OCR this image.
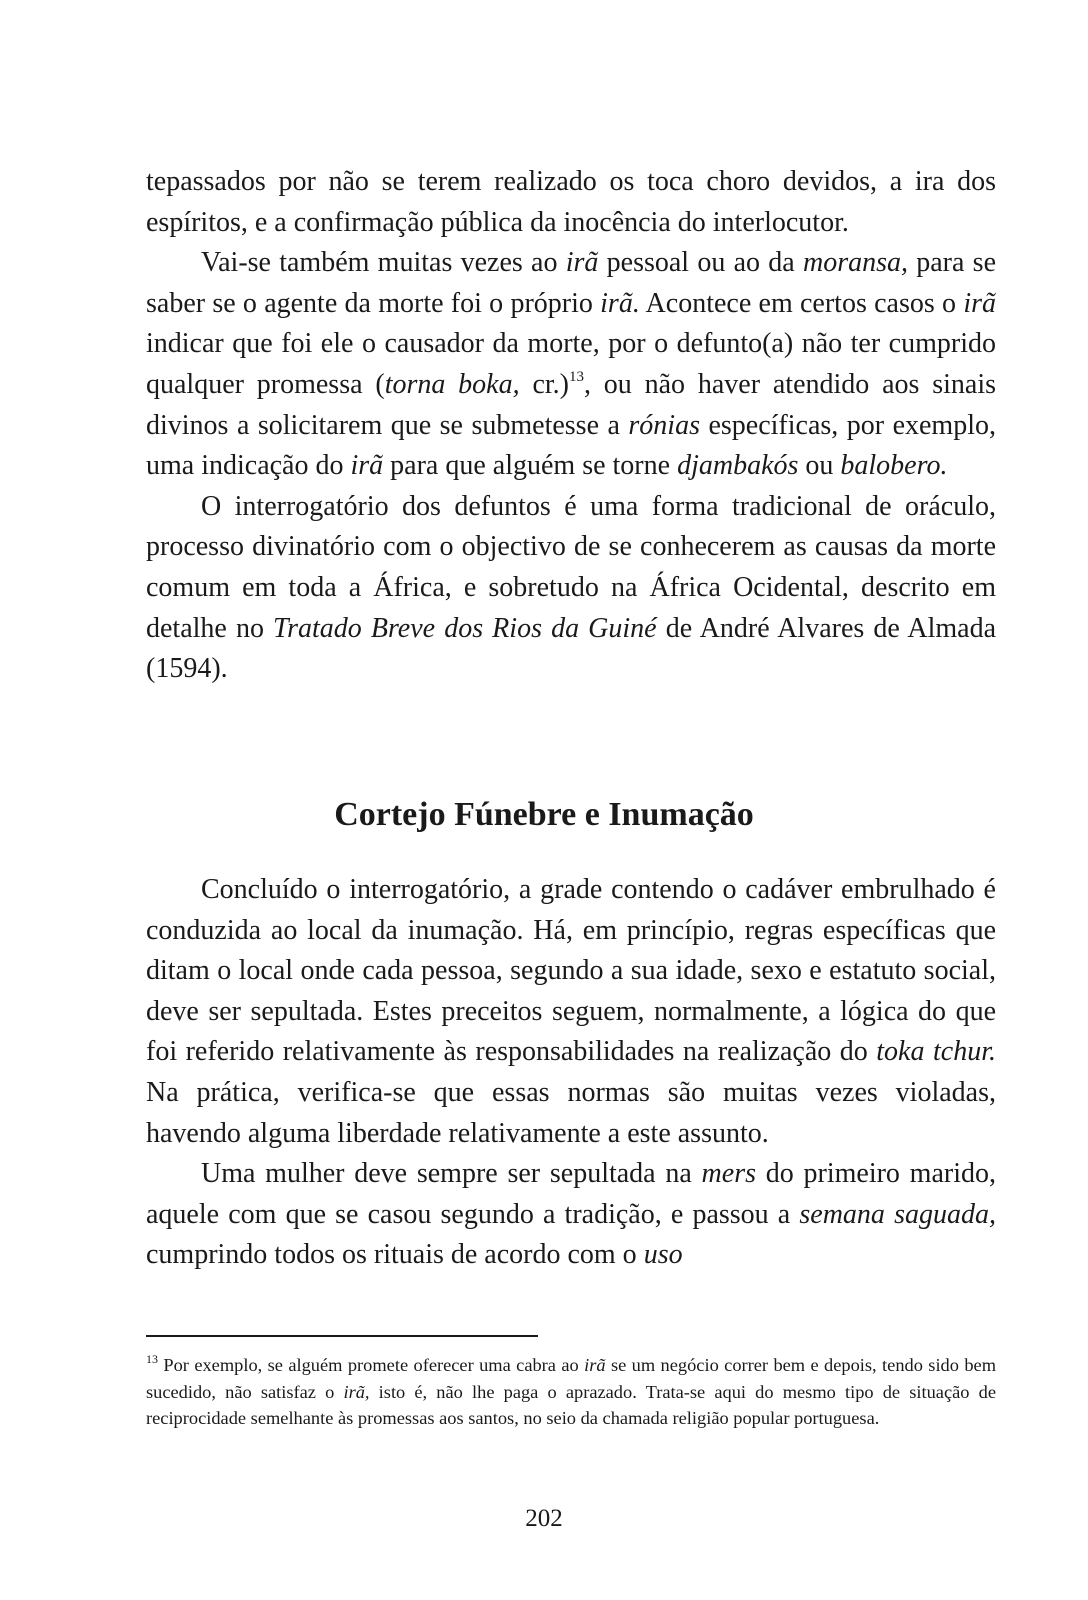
tepassados por não se terem realizado os toca choro devidos, a ira dos espíritos, e a confirmação pública da inocência do interlocutor.

Vai-se também muitas vezes ao irã pessoal ou ao da moransa, para se saber se o agente da morte foi o próprio irã. Acontece em certos casos o irã indicar que foi ele o causador da morte, por o defunto(a) não ter cumprido qualquer promessa (torna boka, cr.)$^{13}$, ou não haver atendido aos sinais divinos a solicitarem que se submetesse a rónias específicas, por exemplo, uma indicação do irã para que alguém se torne djambakós ou balobero.

O interrogatório dos defuntos é uma forma tradicional de oráculo, processo divinatório com o objectivo de se conhecerem as causas da morte comum em toda a África, e sobretudo na África Ocidental, descrito em detalhe no Tratado Breve dos Rios da Guiné de André Alvares de Almada (1594).

Cortejo Fúnebre e Inumação

Concluído o interrogatório, a grade contendo o cadáver embrulhado é conduzida ao local da inumação. Há, em princípio, regras específicas que ditam o local onde cada pessoa, segundo a sua idade, sexo e estatuto social, deve ser sepultada. Estes preceitos seguem, normalmente, a lógica do que foi referido relativamente às responsabilidades na realização do toka tchur. Na prática, verifica-se que essas normas são muitas vezes violadas, havendo alguma liberdade relativamente a este assunto.

Uma mulher deve sempre ser sepultada na mers do primeiro marido, aquele com que se casou segundo a tradição, e passou a semana saguada, cumprindo todos os rituais de acordo com o uso

$^{13}$ Por exemplo, se alguém promete oferecer uma cabra ao irã se um negócio correr bem e depois, tendo sido bem sucedido, não satisfaz o irã, isto é, não lhe paga o aprazado. Trata-se aqui do mesmo tipo de situação de reciprocidade semelhante às promessas aos santos, no seio da chamada religião popular portuguesa.

202
